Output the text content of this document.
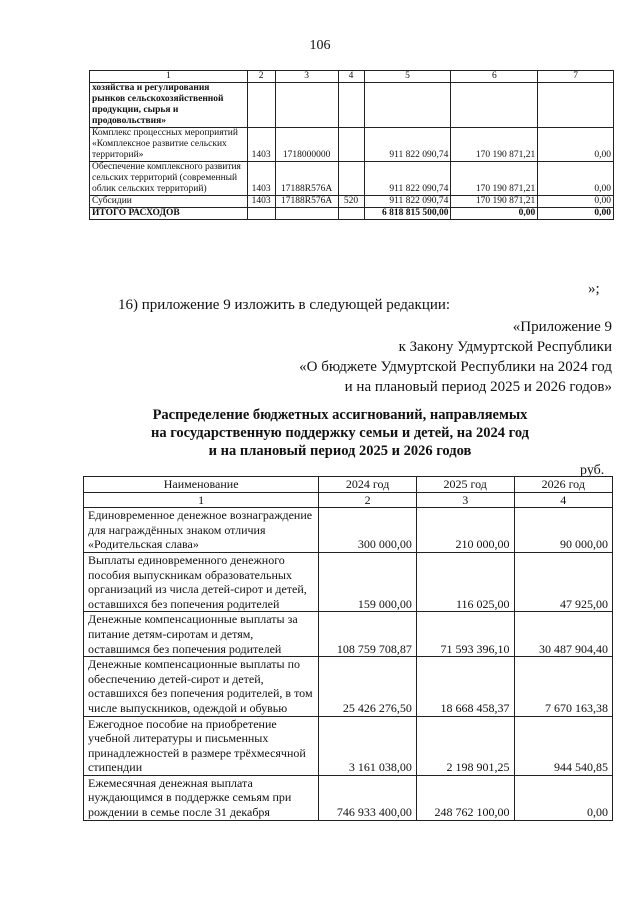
106
1	2	3	4	5	6	7
хозяйства и регулирования рынков сельскохозяйственной продукции, сырья и продовольствия»						
Комплекс процессных мероприятий «Комплексное развитие сельских территорий»	1403	1718000000		911 822 090,74	170 190 871,21	0,00
Обеспечение комплексного развития сельских территорий (современный облик сельских территорий)	1403	17188R576A		911 822 090,74	170 190 871,21	0,00
Субсидии	1403	17188R576A	520	911 822 090,74	170 190 871,21	0,00
ИТОГО РАСХОДОВ				6 818 815 500,00	0,00	0,00
»;
16) приложение 9 изложить в следующей редакции:
«Приложение 9
к Закону Удмуртской Республики
«О бюджете Удмуртской Республики на 2024 год
и на плановый период 2025 и 2026 годов»
Распределение бюджетных ассигнований, направляемых
на государственную поддержку семьи и детей, на 2024 год
и на плановый период 2025 и 2026 годов
руб.
Наименование	2024 год	2025 год	2026 год
1	2	3	4
Единовременное денежное вознаграждение для награждённых знаком отличия «Родительская слава»	300 000,00	210 000,00	90 000,00
Выплаты единовременного денежного пособия выпускникам образовательных организаций из числа детей-сирот и детей, оставшихся без попечения родителей	159 000,00	116 025,00	47 925,00
Денежные компенсационные выплаты за питание детям-сиротам и детям, оставшимся без попечения родителей	108 759 708,87	71 593 396,10	30 487 904,40
Денежные компенсационные выплаты по обеспечению детей-сирот и детей, оставшихся без попечения родителей, в том числе выпускников, одеждой и обувью	25 426 276,50	18 668 458,37	7 670 163,38
Ежегодное пособие на приобретение учебной литературы и письменных принадлежностей в размере трёхмесячной стипендии	3 161 038,00	2 198 901,25	944 540,85
Ежемесячная денежная выплата нуждающимся в поддержке семьям при рождении в семье после 31 декабря	746 933 400,00	248 762 100,00	0,00
